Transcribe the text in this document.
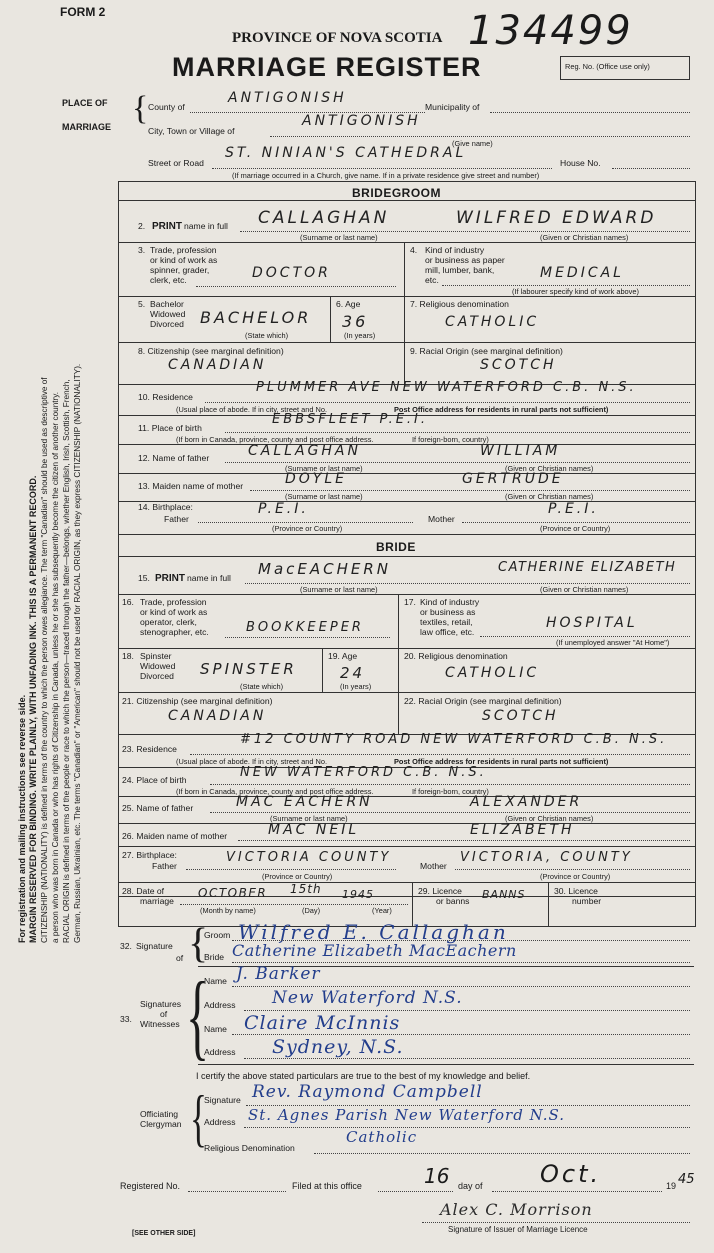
For registration and mailing instructions see reverse side. MARGIN RESERVED FOR BINDING. WRITE PLAINLY, WITH UNFADING INK. THIS IS A PERMANENT RECORD. CITIZENSHIP (NATIONALITY) is defined in terms of the country to which the person owes allegiance. The term "Canadian" should be used as descriptive of a person who was born in Canada or who has rights of Citizenship in Canada, unless he or she has subsequently become the citizen of another country. RACIAL ORIGIN is defined in terms of the people or race to which the person—traced through the father—belongs, whether English, Irish, Scottish, French, German, Russian, Ukrainian, etc. The terms "Canadian" or "American" should not be used for RACIAL ORIGIN, as they express CITIZENSHIP (NATIONALITY).
FORM 2
PROVINCE OF NOVA SCOTIA
MARRIAGE REGISTER
134499
Reg. No. (Office use only)
PLACE OF
MARRIAGE { County of
ANTIGONISH
Municipality of
City, Town or Village of
ANTIGONISH
(Give name)
Street or Road
ST. NINIAN'S CATHEDRAL
House No.
(If marriage occurred in a Church, give name. If in a private residence give street and number)
BRIDEGROOM
2. PRINT name in full CALLAGHAN	WILFRED EDWARD
(Surname or last name)	(Given or Christian names)
3. Trade, profession
or kind of work as
spinner, grader,
clerk, etc.	DOCTOR
4. Kind of industry
or business as paper
mill, lumber, bank,
etc.	MEDICAL
(If labourer specify kind of work above)
5. Bachelor
Widowed
Divorced BACHELOR
(State which)
6. Age
36
(In years)
7. Religious denomination
CATHOLIC
8. Citizenship (see marginal definition)
CANADIAN
9. Racial Origin (see marginal definition)
SCOTCH
10. Residence
PLUMMER AVE NEW WATERFORD C.B. N.S.
(Usual place of abode. If in city, street and No.	Post Office address for residents in rural parts not sufficient)
11. Place of birth
EBBSFLEET P.E.I.
(If born in Canada, province, county and post office address.	If foreign-born, country)
12. Name of father	CALLAGHAN	WILLIAM
(Surname or last name)	(Given or Christian names)
13. Maiden name of mother	DOYLE	GERTRUDE
(Surname or last name)	(Given or Christian names)
14. Birthplace:
Father
P.E.I.
Mother
P.E.I.
(Province or Country)	(Province or Country)
BRIDE
15. PRINT name in full MacEACHERN	CATHERINE ELIZABETH
(Surname or last name)	(Given or Christian names)
16. Trade, profession
or kind of work as
operator, clerk,
stenographer, etc.	BOOKKEEPER
17. Kind of industry
or business as
textiles, retail,
law office, etc.
HOSPITAL
(If unemployed answer "At Home")
18. Spinster
Widowed
Divorced SPINSTER
(State which)
19. Age
24
(In years)
20. Religious denomination
CATHOLIC
21. Citizenship (see marginal definition)
CANADIAN
22. Racial Origin (see marginal definition)
SCOTCH
23. Residence
#12 COUNTY ROAD NEW WATERFORD C.B. N.S.
(Usual place of abode. If in city, street and No.	Post Office address for residents in rural parts not sufficient)
24. Place of birth	NEW WATERFORD C.B. N.S.
(If born in Canada, province, county and post office address.	If foreign-born, country)
25. Name of father	MAC EACHERN	ALEXANDER
(Surname or last name)	(Given or Christian names)
26. Maiden name of mother	MAC NEIL	ELIZABETH
27. Birthplace:
Father
VICTORIA COUNTY
Mother
VICTORIA, COUNTY
(Province or Country)	(Province or Country)
28. Date of
marriage
OCTOBER 15th 1945
(Month by name)	(Day)	(Year)
29. Licence
or banns BANNS	30. Licence
number
32. Signature
of {
Groom Wilfred E. Callaghan
Bride Catherine Elizabeth MacEachern
33.
Signatures
of
Witnesses {
Name J. Barker
Address New Waterford N.S.
Name Claire McInnis
Address Sydney, N.S.
I certify the above stated particulars are true to the best of my knowledge and belief.
Officiating
Clergyman {
Signature Rev. Raymond Campbell
Address St. Agnes Parish New Waterford N.S.
Religious Denomination
Catholic
Registered No.	Filed at this office	16 day of Oct.	19 45
Alex C. Morrison
Signature of Issuer of Marriage Licence
[SEE OTHER SIDE]
